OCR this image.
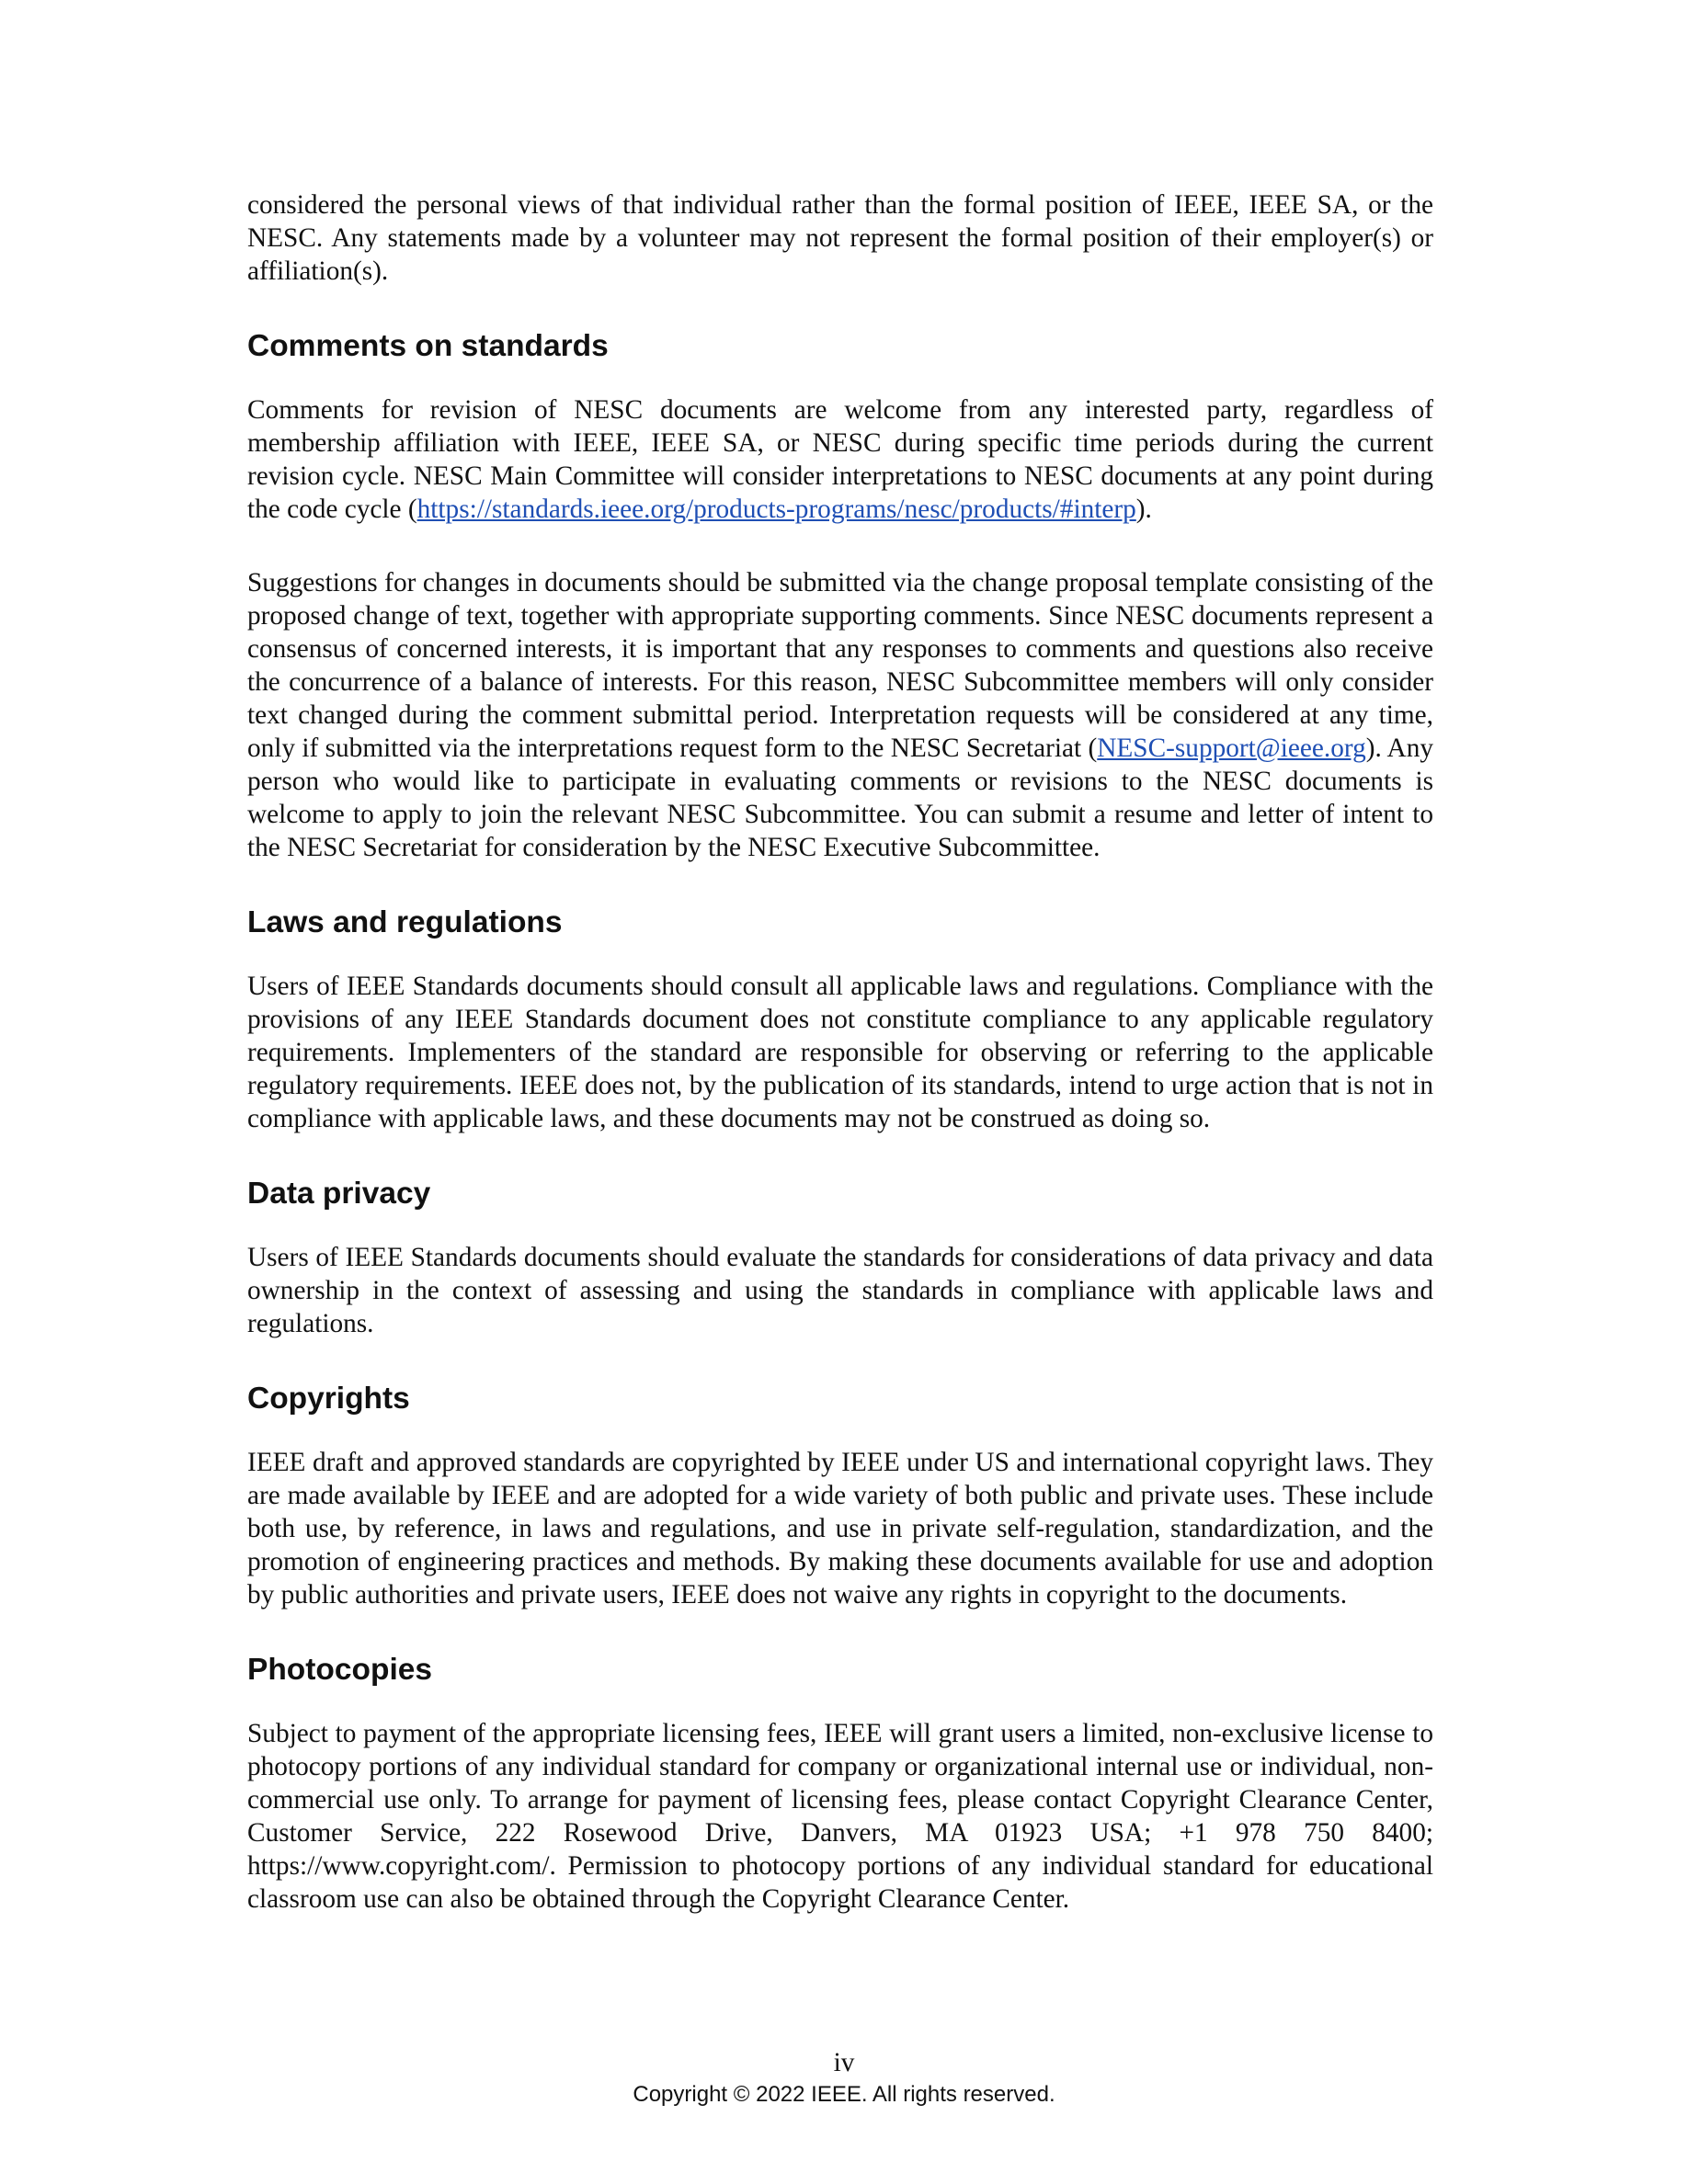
considered the personal views of that individual rather than the formal position of IEEE, IEEE SA, or the NESC. Any statements made by a volunteer may not represent the formal position of their employer(s) or affiliation(s).

Comments on standards

Comments for revision of NESC documents are welcome from any interested party, regardless of membership affiliation with IEEE, IEEE SA, or NESC during specific time periods during the current revision cycle. NESC Main Committee will consider interpretations to NESC documents at any point during the code cycle (https://standards.ieee.org/products-programs/nesc/products/#interp).

Suggestions for changes in documents should be submitted via the change proposal template consisting of the proposed change of text, together with appropriate supporting comments. Since NESC documents represent a consensus of concerned interests, it is important that any responses to comments and questions also receive the concurrence of a balance of interests. For this reason, NESC Subcommittee members will only consider text changed during the comment submittal period. Interpretation requests will be considered at any time, only if submitted via the interpretations request form to the NESC Secretariat (NESC-support@ieee.org). Any person who would like to participate in evaluating comments or revisions to the NESC documents is welcome to apply to join the relevant NESC Subcommittee. You can submit a resume and letter of intent to the NESC Secretariat for consideration by the NESC Executive Subcommittee.

Laws and regulations

Users of IEEE Standards documents should consult all applicable laws and regulations. Compliance with the provisions of any IEEE Standards document does not constitute compliance to any applicable regulatory requirements. Implementers of the standard are responsible for observing or referring to the applicable regulatory requirements. IEEE does not, by the publication of its standards, intend to urge action that is not in compliance with applicable laws, and these documents may not be construed as doing so.

Data privacy

Users of IEEE Standards documents should evaluate the standards for considerations of data privacy and data ownership in the context of assessing and using the standards in compliance with applicable laws and regulations.

Copyrights

IEEE draft and approved standards are copyrighted by IEEE under US and international copyright laws. They are made available by IEEE and are adopted for a wide variety of both public and private uses. These include both use, by reference, in laws and regulations, and use in private self-regulation, standardization, and the promotion of engineering practices and methods. By making these documents available for use and adoption by public authorities and private users, IEEE does not waive any rights in copyright to the documents.

Photocopies

Subject to payment of the appropriate licensing fees, IEEE will grant users a limited, non-exclusive license to photocopy portions of any individual standard for company or organizational internal use or individual, non-commercial use only. To arrange for payment of licensing fees, please contact Copyright Clearance Center, Customer Service, 222 Rosewood Drive, Danvers, MA 01923 USA; +1 978 750 8400; https://www.copyright.com/. Permission to photocopy portions of any individual standard for educational classroom use can also be obtained through the Copyright Clearance Center.

iv
Copyright © 2022 IEEE. All rights reserved.
